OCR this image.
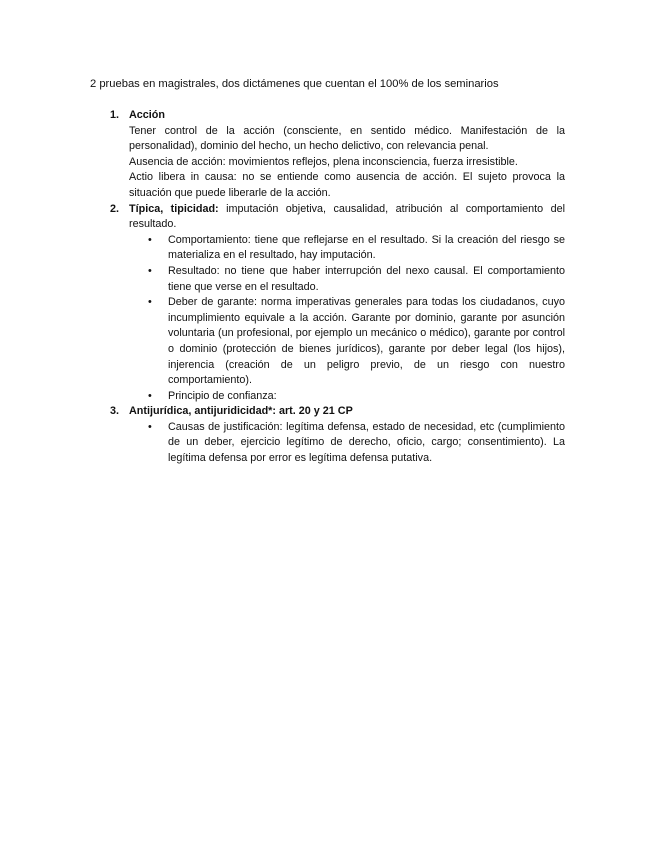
2 pruebas en magistrales, dos dictámenes que cuentan el 100% de los seminarios
1. Acción
Tener control de la acción (consciente, en sentido médico. Manifestación de la personalidad), dominio del hecho, un hecho delictivo, con relevancia penal.
Ausencia de acción: movimientos reflejos, plena inconsciencia, fuerza irresistible.
Actio libera in causa: no se entiende como ausencia de acción. El sujeto provoca la situación que puede liberarle de la acción.
2. Típica, tipicidad: imputación objetiva, causalidad, atribución al comportamiento del resultado.
• Comportamiento: tiene que reflejarse en el resultado. Si la creación del riesgo se materializa en el resultado, hay imputación.
• Resultado: no tiene que haber interrupción del nexo causal. El comportamiento tiene que verse en el resultado.
• Deber de garante: norma imperativas generales para todas los ciudadanos, cuyo incumplimiento equivale a la acción. Garante por dominio, garante por asunción voluntaria (un profesional, por ejemplo un mecánico o médico), garante por control o dominio (protección de bienes jurídicos), garante por deber legal (los hijos), injerencia (creación de un peligro previo, de un riesgo con nuestro comportamiento).
• Principio de confianza:
3. Antijurídica, antijuridicidad*: art. 20 y 21 CP
• Causas de justificación: legítima defensa, estado de necesidad, etc (cumplimiento de un deber, ejercicio legítimo de derecho, oficio, cargo; consentimiento). La legítima defensa por error es legítima defensa putativa.
